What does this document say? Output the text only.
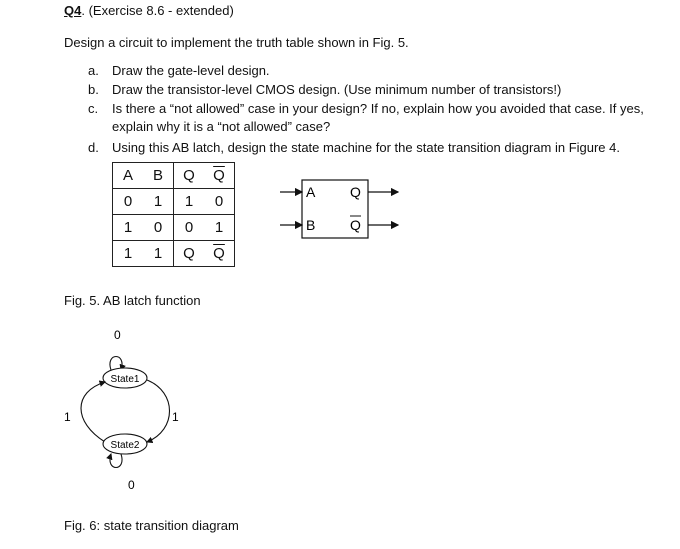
Q4. (Exercise 8.6 - extended)
Design a circuit to implement the truth table shown in Fig. 5.
a. Draw the gate-level design.
b. Draw the transistor-level CMOS design. (Use minimum number of transistors!)
c. Is there a “not allowed” case in your design? If no, explain how you avoided that case. If yes, explain why it is a “not allowed” case?
d. Using this AB latch, design the state machine for the state transition diagram in Figure 4.
A B	Q $\overline{Q}$

0 1	1 0

1 0	0 1

1 1	Q $\overline{Q}$
A
B
Q
Q
Fig. 5. AB latch function
0
State1
1	1
State2
0
Fig. 6: state transition diagram
